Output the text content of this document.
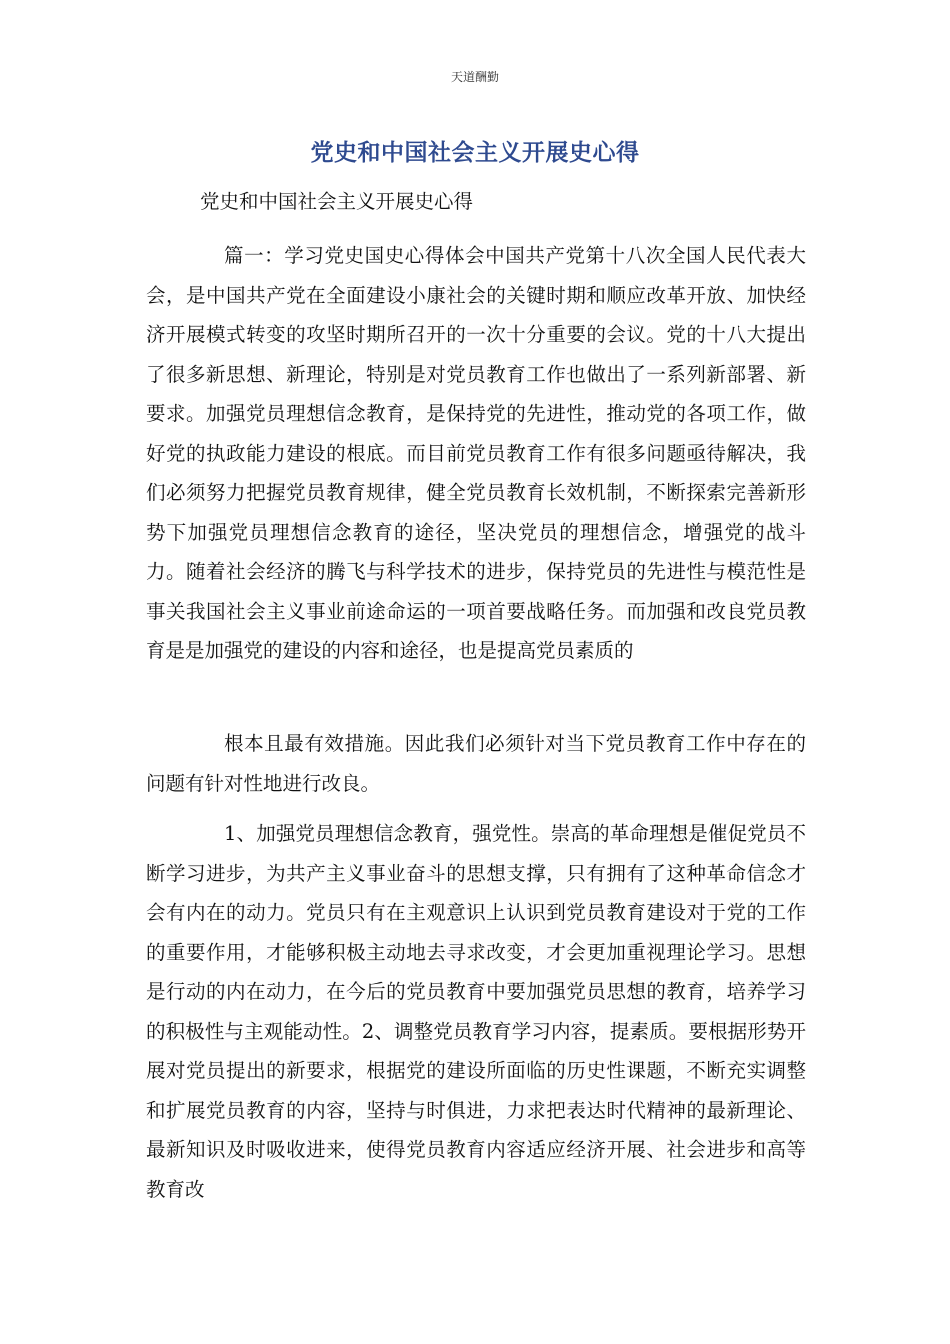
天道酬勤
党史和中国社会主义开展史心得

党史和中国社会主义开展史心得

篇一：学习党史国史心得体会中国共产党第十八次全国人民代表大会，是中国共产党在全面建设小康社会的关键时期和顺应改革开放、加快经济开展模式转变的攻坚时期所召开的一次十分重要的会议。党的十八大提出了很多新思想、新理论，特别是对党员教育工作也做出了一系列新部署、新要求。加强党员理想信念教育，是保持党的先进性，推动党的各项工作，做好党的执政能力建设的根底。而目前党员教育工作有很多问题亟待解决，我们必须努力把握党员教育规律，健全党员教育长效机制，不断探索完善新形势下加强党员理想信念教育的途径，坚决党员的理想信念，增强党的战斗力。随着社会经济的腾飞与科学技术的进步，保持党员的先进性与模范性是事关我国社会主义事业前途命运的一项首要战略任务。而加强和改良党员教育是是加强党的建设的内容和途径，也是提高党员素质的

根本且最有效措施。因此我们必须针对当下党员教育工作中存在的问题有针对性地进行改良。

1、加强党员理想信念教育，强党性。崇高的革命理想是催促党员不断学习进步，为共产主义事业奋斗的思想支撑，只有拥有了这种革命信念才会有内在的动力。党员只有在主观意识上认识到党员教育建设对于党的工作的重要作用，才能够积极主动地去寻求改变，才会更加重视理论学习。思想是行动的内在动力，在今后的党员教育中要加强党员思想的教育，培养学习的积极性与主观能动性。2、调整党员教育学习内容，提素质。要根据形势开展对党员提出的新要求，根据党的建设所面临的历史性课题，不断充实调整和扩展党员教育的内容，坚持与时俱进，力求把表达时代精神的最新理论、最新知识及时吸收进来，使得党员教育内容适应经济开展、社会进步和高等教育改
